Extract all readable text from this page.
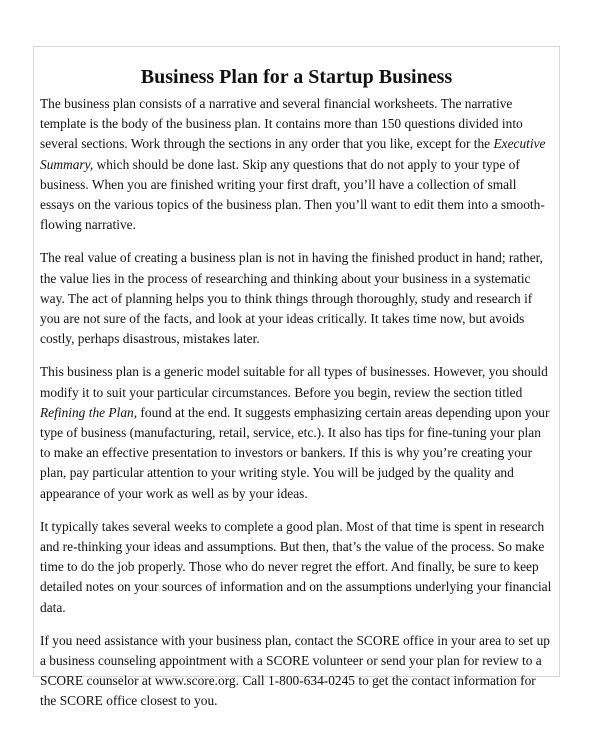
Business Plan for a Startup Business

The business plan consists of a narrative and several financial worksheets. The narrative template is the body of the business plan. It contains more than 150 questions divided into several sections. Work through the sections in any order that you like, except for the Executive Summary, which should be done last. Skip any questions that do not apply to your type of business. When you are finished writing your first draft, you’ll have a collection of small essays on the various topics of the business plan. Then you’ll want to edit them into a smooth-flowing narrative.

The real value of creating a business plan is not in having the finished product in hand; rather, the value lies in the process of researching and thinking about your business in a systematic way. The act of planning helps you to think things through thoroughly, study and research if you are not sure of the facts, and look at your ideas critically. It takes time now, but avoids costly, perhaps disastrous, mistakes later.

This business plan is a generic model suitable for all types of businesses. However, you should modify it to suit your particular circumstances. Before you begin, review the section titled Refining the Plan, found at the end. It suggests emphasizing certain areas depending upon your type of business (manufacturing, retail, service, etc.). It also has tips for fine-tuning your plan to make an effective presentation to investors or bankers. If this is why you’re creating your plan, pay particular attention to your writing style. You will be judged by the quality and appearance of your work as well as by your ideas.

It typically takes several weeks to complete a good plan. Most of that time is spent in research and re-thinking your ideas and assumptions. But then, that’s the value of the process. So make time to do the job properly. Those who do never regret the effort. And finally, be sure to keep detailed notes on your sources of information and on the assumptions underlying your financial data.

If you need assistance with your business plan, contact the SCORE office in your area to set up a business counseling appointment with a SCORE volunteer or send your plan for review to a SCORE counselor at www.score.org. Call 1-800-634-0245 to get the contact information for the SCORE office closest to you.
